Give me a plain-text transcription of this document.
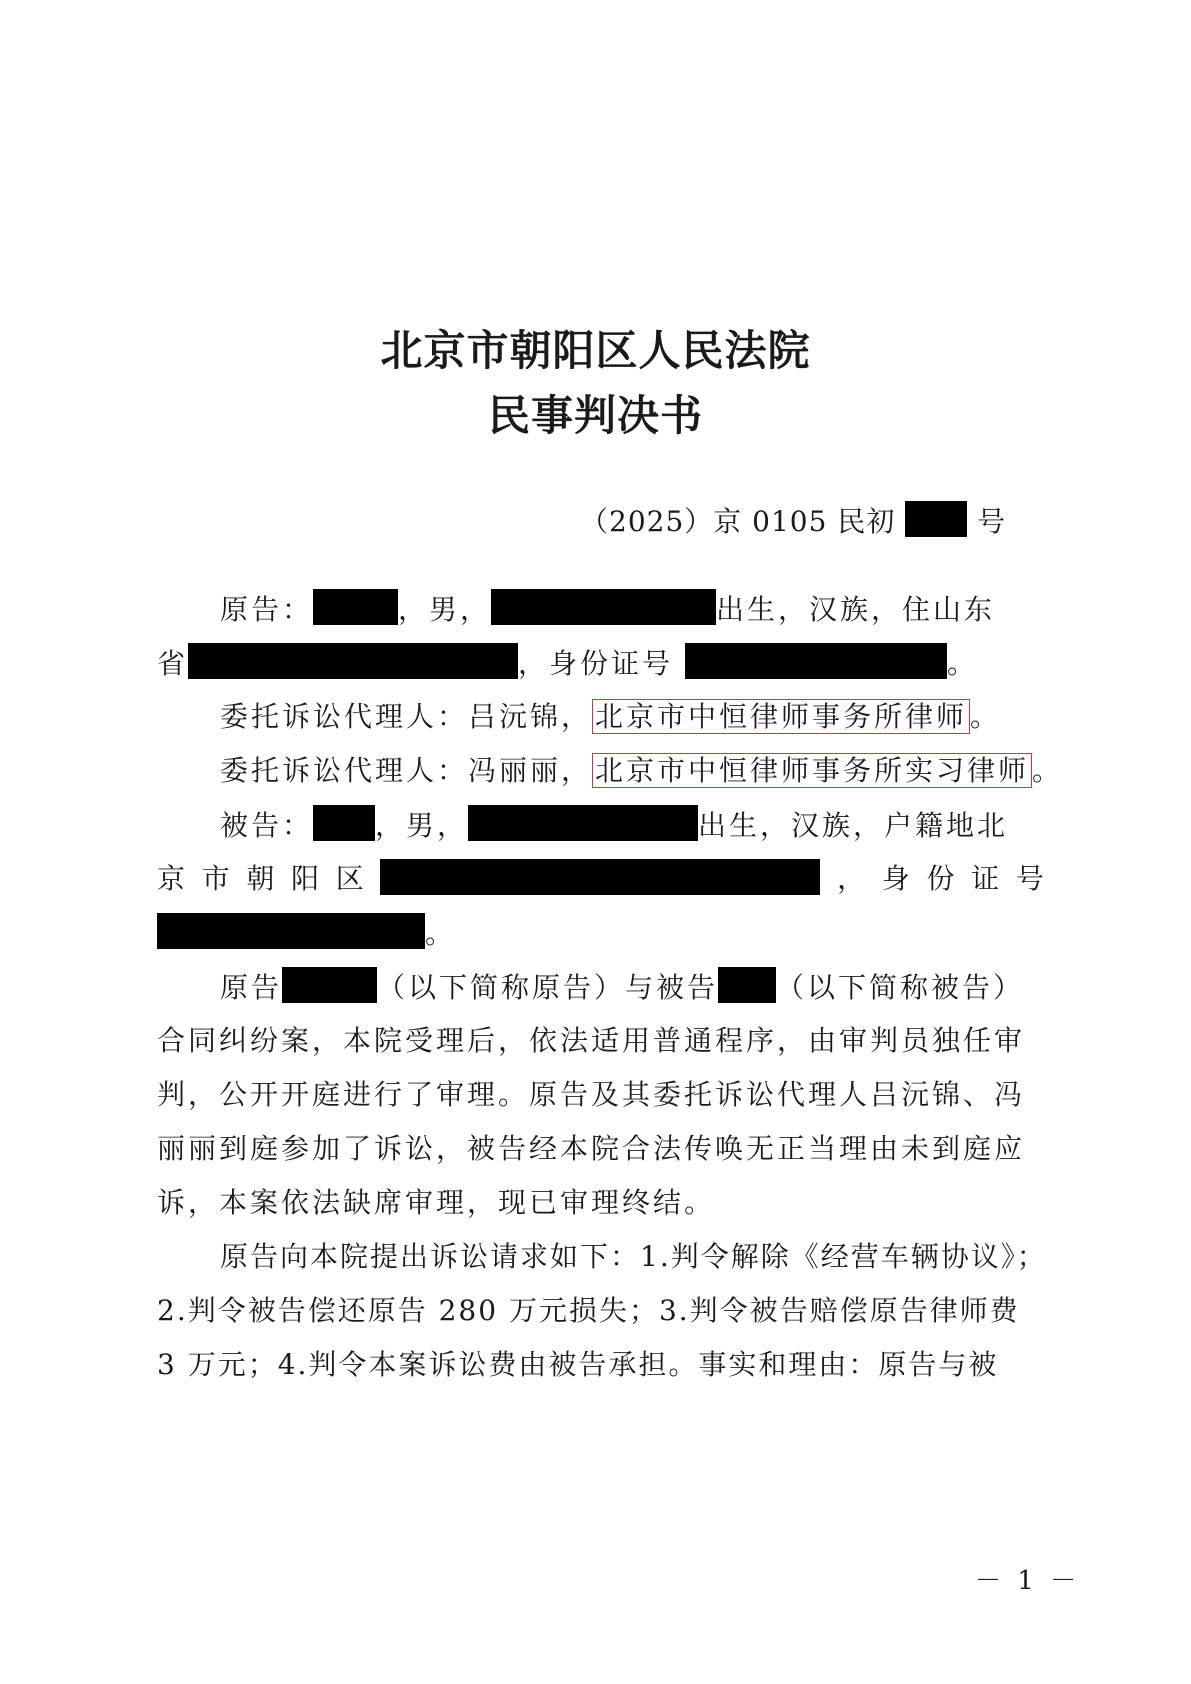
北京市朝阳区人民法院
民事判决书
（2025）京 0105 民初	号
原告：	，男，	出生，汉族，住山东
省	，身份证号	。
委托诉讼代理人：吕沅锦， 北京市中恒律师事务所律师 。
委托诉讼代理人：冯丽丽， 北京市中恒律师事务所实习律师 。
被告： ，男，	出生，汉族，户籍地北
京 市 朝 阳 区	， 身 份 证 号
。
原告	（以下简称原告）与被告 （以下简称被告）
合同纠纷案，本院受理后，依法适用普通程序，由审判员独任审
判，公开开庭进行了审理。原告及其委托诉讼代理人吕沅锦、冯
丽丽到庭参加了诉讼，被告经本院合法传唤无正当理由未到庭应
诉，本案依法缺席审理，现已审理终结。
原告向本院提出诉讼请求如下：1.判令解除《经营车辆协议》；
2.判令被告偿还原告 280 万元损失；3.判令被告赔偿原告律师费
3 万元；4.判令本案诉讼费由被告承担。事实和理由：原告与被
－ 1 －
